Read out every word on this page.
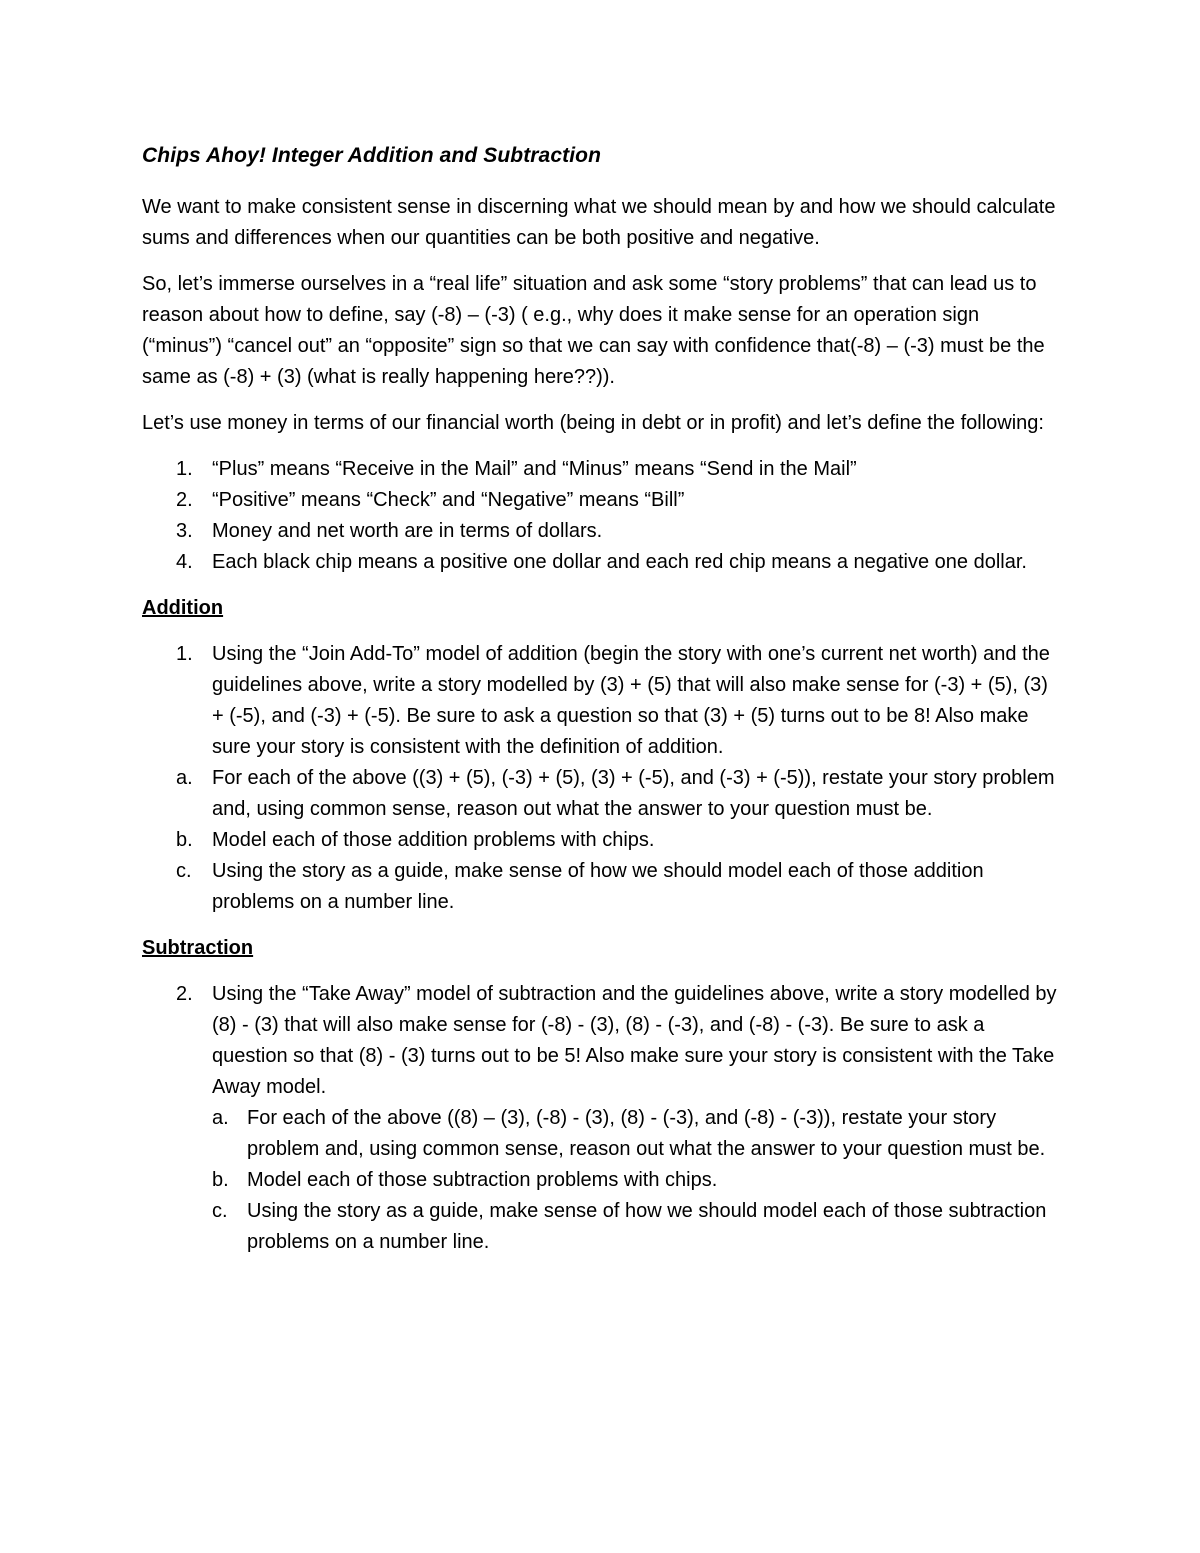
Chips Ahoy! Integer Addition and Subtraction

We want to make consistent sense in discerning what we should mean by and how we should calculate sums and differences when our quantities can be both positive and negative.

So, let’s immerse ourselves in a “real life” situation and ask some “story problems” that can lead us to reason about how to define, say (-8) – (-3) ( e.g., why does it make sense for an operation sign (“minus”) “cancel out” an “opposite” sign so that we can say with confidence that(-8) – (-3) must be the same as (-8) + (3) (what is really happening here??)).

Let’s use money in terms of our financial worth (being in debt or in profit) and let’s define the following:

1. “Plus” means “Receive in the Mail” and “Minus” means “Send in the Mail”
2. “Positive” means “Check” and “Negative” means “Bill”
3. Money and net worth are in terms of dollars.
4. Each black chip means a positive one dollar and each red chip means a negative one dollar.
Addition
1. Using the “Join Add-To” model of addition (begin the story with one’s current net worth) and the guidelines above, write a story modelled by (3) + (5) that will also make sense for (-3) + (5), (3) + (-5), and (-3) + (-5). Be sure to ask a question so that (3) + (5) turns out to be 8! Also make sure your story is consistent with the definition of addition.
a. For each of the above ((3) + (5), (-3) + (5), (3) + (-5), and (-3) + (-5)), restate your story problem and, using common sense, reason out what the answer to your question must be.
b. Model each of those addition problems with chips.
c.	Using the story as a guide, make sense of how we should model each of those addition problems on a number line.
Subtraction
2. Using the “Take Away” model of subtraction and the guidelines above, write a story modelled by (8) - (3) that will also make sense for (-8) - (3), (8) - (-3), and (-8) - (-3). Be sure to ask a question so that (8) - (3) turns out to be 5! Also make sure your story is consistent with the Take Away model.
a. For each of the above ((8) – (3), (-8) - (3), (8) - (-3), and (-8) - (-3)), restate your story problem and, using common sense, reason out what the answer to your question must be.
b. Model each of those subtraction problems with chips.
c. Using the story as a guide, make sense of how we should model each of those subtraction problems on a number line.
